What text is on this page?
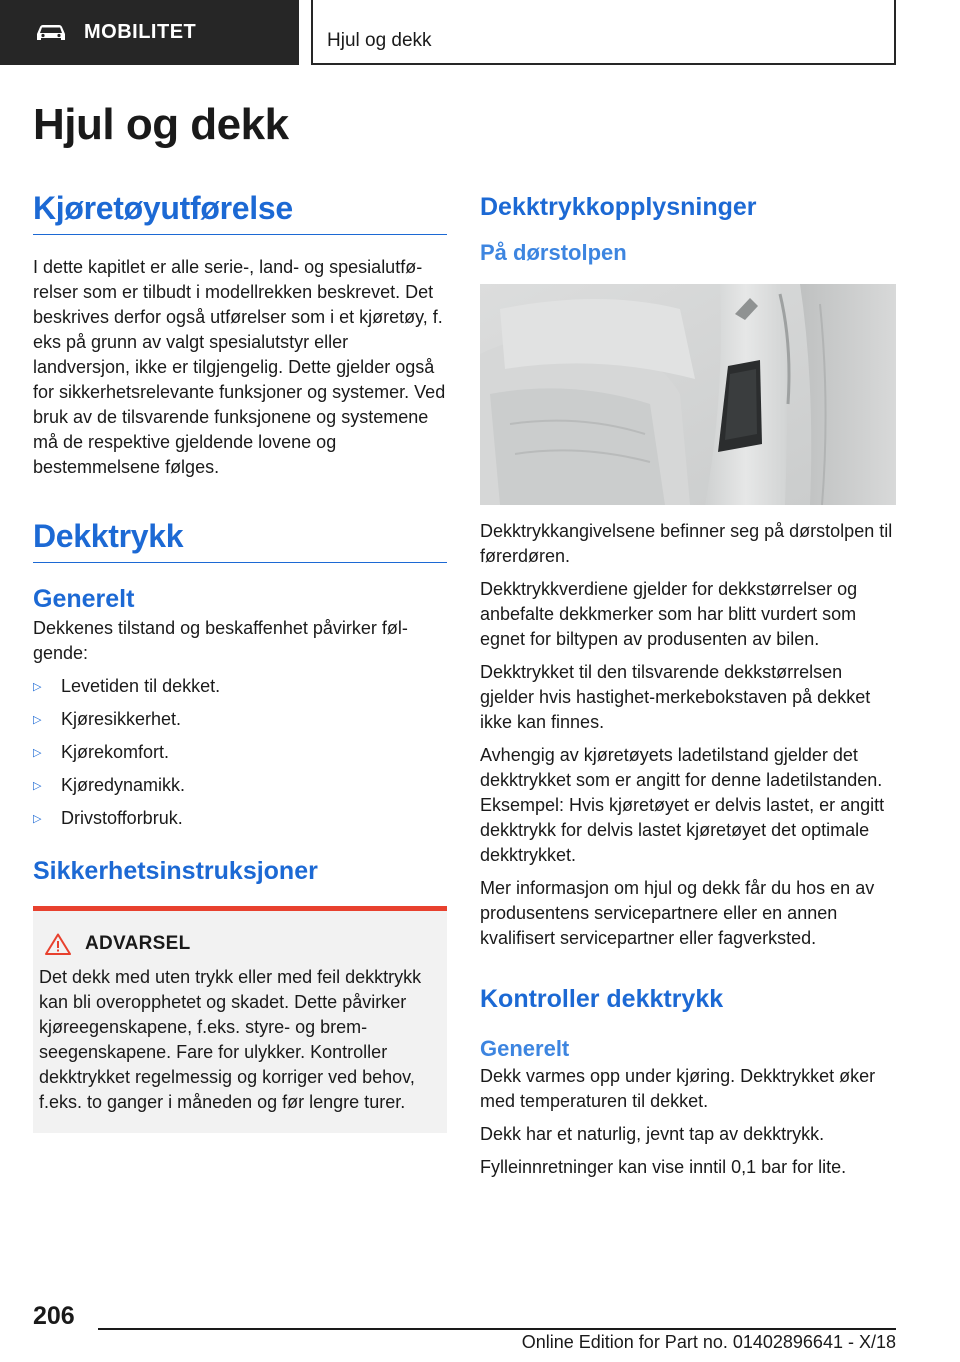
MOBILITET	Hjul og dekk
Hjul og dekk
Kjøretøyutførelse

I dette kapitlet er alle serie-, land- og spesialutførelser som er tilbudt i modellrekken beskrevet. Det beskrives derfor også utførelser som i et kjøretøy, f. eks på grunn av valgt spesialutstyr eller landversjon, ikke er tilgjengelig. Dette gjelder også for sikkerhetsrelevante funksjoner og systemer. Ved bruk av de tilsvarende funksjonene og systemene må de respektive gjeldende lovene og bestemmelsene følges.

Dekktrykk
Generelt

Dekkenes tilstand og beskaffenhet påvirker følgende:

▷	Levetiden til dekket.
▷	Kjøresikkerhet.
▷	Kjørekomfort.
▷	Kjøredynamikk.
▷	Drivstofforbruk.
Sikkerhetsinstruksjoner
ADVARSEL

Det dekk med uten trykk eller med feil dekktrykk kan bli overopphetet og skadet. Dette påvirker kjøreegenskapene, f.eks. styre- og bremseegenskapene. Fare for ulykker. Kontroller dekktrykket regelmessig og korriger ved behov, f.eks. to ganger i måneden og før lengre turer.

Dekktrykkopplysninger
På dørstolpen

Dekktrykkangivelsene befinner seg på dørstolpen til førerdøren.

Dekktrykkverdiene gjelder for dekkstørrelser og anbefalte dekkmerker som har blitt vurdert som egnet for biltypen av produsenten av bilen.

Dekktrykket til den tilsvarende dekkstørrelsen gjelder hvis hastighet-merkebokstaven på dekket ikke kan finnes.

Avhengig av kjøretøyets ladetilstand gjelder det dekktrykket som er angitt for denne ladetilstanden. Eksempel: Hvis kjøretøyet er delvis lastet, er angitt dekktrykk for delvis lastet kjøretøyet det optimale dekktrykket.

Mer informasjon om hjul og dekk får du hos en av produsentens servicepartnere eller en annen kvalifisert servicepartner eller fagverksted.

Kontroller dekktrykk
Generelt

Dekk varmes opp under kjøring. Dekktrykket øker med temperaturen til dekket.

Dekk har et naturlig, jevnt tap av dekktrykk.

Fylleinnretninger kan vise inntil 0,1 bar for lite.

206
Online Edition for Part no. 01402896641 - X/18
